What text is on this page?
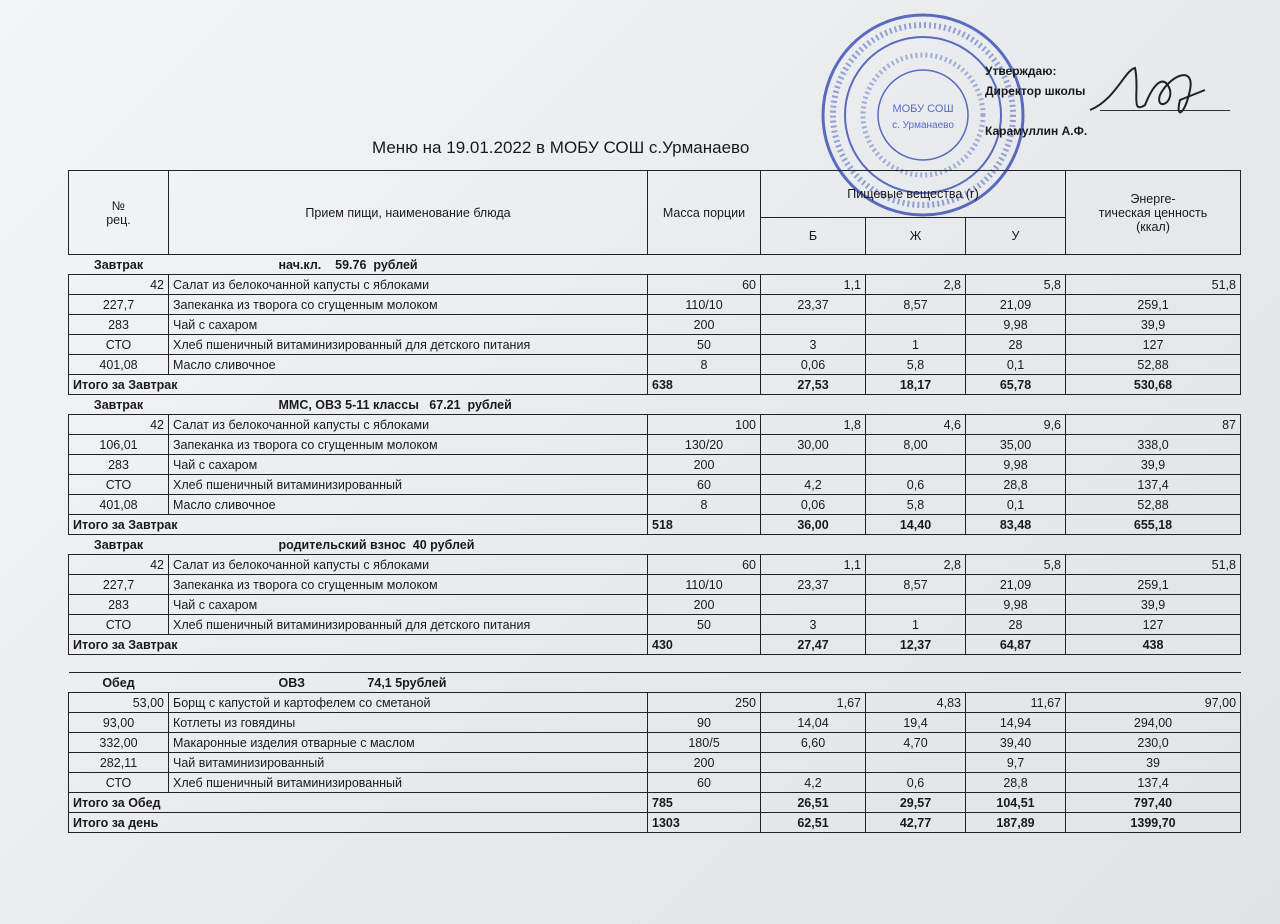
МОБУ СОШ
с. Урманаево
Утверждаю:
Директор школы
Карамуллин А.Ф.
Меню на 19.01.2022 в МОБУ СОШ с.Урманаево
№
рец.	Прием пищи, наименование блюда	Масса порции	Пищевые вещества (г)			Энерге-
тическая ценность
(ккал)
			Б	Ж	У	
Завтрак	нач.кл.    59.76  рублей					
42	Салат из белокочанной капусты с яблоками	60	1,1	2,8	5,8	51,8
227,7	Запеканка из творога со сгущенным молоком	110/10	23,37	8,57	21,09	259,1
283	Чай с сахаром	200			9,98	39,9
СТО	Хлеб пшеничный витаминизированный для детского питания	50	3	1	28	127
401,08	Масло сливочное	8	0,06	5,8	0,1	52,88
Итого за Завтрак		638	27,53	18,17	65,78	530,68
Завтрак	ММС, ОВЗ 5-11 классы   67.21  рублей					
42	Салат из белокочанной капусты с яблоками	100	1,8	4,6	9,6	87
106,01	Запеканка из творога со сгущенным молоком	130/20	30,00	8,00	35,00	338,0
283	Чай с сахаром	200			9,98	39,9
СТО	Хлеб пшеничный витаминизированный	60	4,2	0,6	28,8	137,4
401,08	Масло сливочное	8	0,06	5,8	0,1	52,88
Итого за Завтрак		518	36,00	14,40	83,48	655,18
Завтрак	родительский взнос  40 рублей					
42	Салат из белокочанной капусты с яблоками	60	1,1	2,8	5,8	51,8
227,7	Запеканка из творога со сгущенным молоком	110/10	23,37	8,57	21,09	259,1
283	Чай с сахаром	200			9,98	39,9
СТО	Хлеб пшеничный витаминизированный для детского питания	50	3	1	28	127
Итого за Завтрак		430	27,47	12,37	64,87	438

Обед	ОВЗ                  74,1 5рублей					
53,00	Борщ с капустой и картофелем со сметаной	250	1,67	4,83	11,67	97,00
93,00	Котлеты из говядины	90	14,04	19,4	14,94	294,00
332,00	Макаронные изделия отварные с маслом	180/5	6,60	4,70	39,40	230,0
282,11	Чай витаминизированный	200			9,7	39
СТО	Хлеб пшеничный витаминизированный	60	4,2	0,6	28,8	137,4
Итого за Обед		785	26,51	29,57	104,51	797,40
Итого за день		1303	62,51	42,77	187,89	1399,70
